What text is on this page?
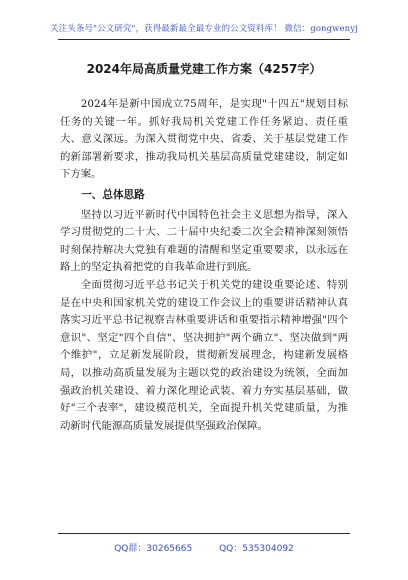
关注头条号"公文研究"，获得最新最全最专业的公文资料库！ 微信：gongwenyj
2024年局高质量党建工作方案（4257字）

2024年是新中国成立75周年，是实现"十四五"规划目标任务的关键一年。抓好我局机关党建工作任务紧迫、责任重大、意义深远。为深入贯彻党中央、省委、关于基层党建工作的新部署新要求，推动我局机关基层高质量党建建设，制定如下方案。

一、总体思路

坚持以习近平新时代中国特色社会主义思想为指导，深入学习贯彻党的二十大、二十届中央纪委二次全会精神深刻领悟时刻保持解决大党独有难题的清醒和坚定重要要求，以永远在路上的坚定执着把党的自我革命进行到底。

全面贯彻习近平总书记关于机关党的建设重要论述、特别是在中央和国家机关党的建设工作会议上的重要讲话精神认真落实习近平总书记视察吉林重要讲话和重要指示精神增强"四个意识"、坚定"四个自信"、坚决拥护"两个确立"、坚决做到"两个维护"，立足新发展阶段，贯彻新发展理念，构建新发展格局，以推动高质量发展为主题以党的政治建设为统领，全面加强政治机关建设、着力深化理论武装、着力夯实基层基础，做好"三个表率"，建设模范机关，全面提升机关党建质量，为推动新时代能源高质量发展提供坚强政治保障。

QQ群：30265665	QQ：535304092
